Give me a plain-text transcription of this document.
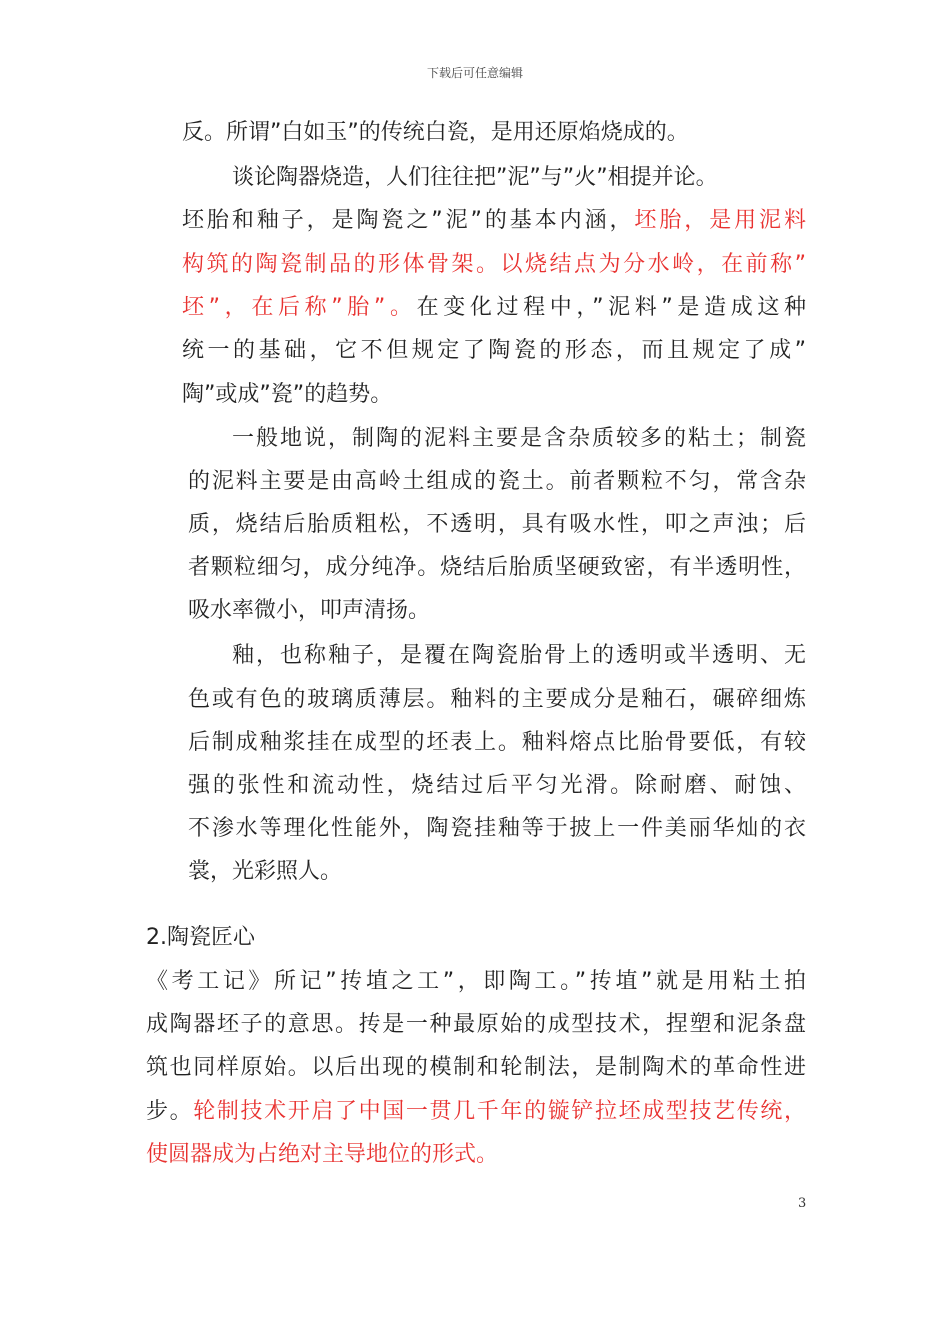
下载后可任意编辑
反。所谓”白如玉”的传统白瓷，是用还原焰烧成的。
谈论陶器烧造，人们往往把”泥”与”火”相提并论。
坯胎和釉子，是陶瓷之”泥”的基本内涵，坯胎，是用泥料
构筑的陶瓷制品的形体骨架。以烧结点为分水岭，在前称”
坯”，在后称”胎”。在变化过程中，”泥料”是造成这种
统一的基础，它不但规定了陶瓷的形态，而且规定了成”
陶”或成”瓷”的趋势。
一般地说，制陶的泥料主要是含杂质较多的粘土；制瓷
的泥料主要是由高岭土组成的瓷土。前者颗粒不匀，常含杂
质，烧结后胎质粗松，不透明，具有吸水性，叩之声浊；后
者颗粒细匀，成分纯净。烧结后胎质坚硬致密，有半透明性，
吸水率微小，叩声清扬。
釉，也称釉子，是覆在陶瓷胎骨上的透明或半透明、无
色或有色的玻璃质薄层。釉料的主要成分是釉石，碾碎细炼
后制成釉浆挂在成型的坯表上。釉料熔点比胎骨要低，有较
强的张性和流动性，烧结过后平匀光滑。除耐磨、耐蚀、
不渗水等理化性能外，陶瓷挂釉等于披上一件美丽华灿的衣
裳，光彩照人。
2.陶瓷匠心
《考工记》所记”抟埴之工”，即陶工。”抟埴”就是用粘土拍
成陶器坯子的意思。抟是一种最原始的成型技术，捏塑和泥条盘
筑也同样原始。以后出现的模制和轮制法，是制陶术的革命性进
步。轮制技术开启了中国一贯几千年的镟铲拉坯成型技艺传统，
使圆器成为占绝对主导地位的形式。
3
